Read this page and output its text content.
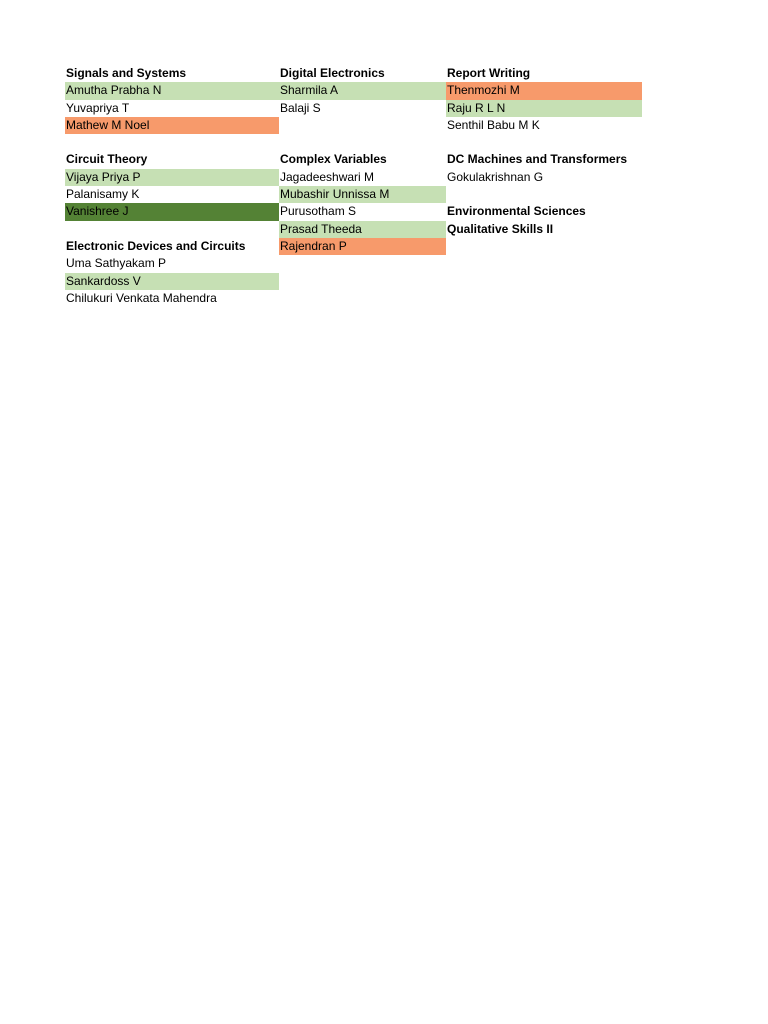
Signals and Systems
Amutha Prabha N
Yuvapriya T
Mathew M Noel
Circuit Theory
Vijaya Priya P
Palanisamy K
Vanishree J
Electronic Devices and Circuits
Uma Sathyakam P
Sankardoss V
Chilukuri Venkata Mahendra
Digital Electronics
Sharmila A
Balaji S
Complex Variables
Jagadeeshwari M
Mubashir Unnissa M
Purusotham S
Prasad Theeda
Rajendran P
Report Writing
Thenmozhi M
Raju R L N
Senthil Babu M K
DC Machines and Transformers
Gokulakrishnan G
Environmental Sciences
Qualitative Skills II
